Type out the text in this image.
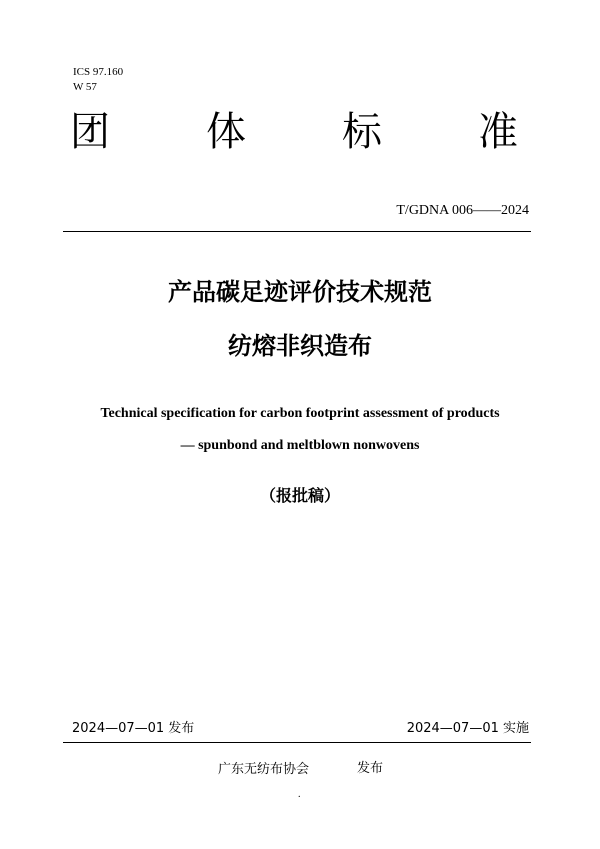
ICS 97.160
W 57
团 体 标 准
T/GDNA 006——2024
产品碳足迹评价技术规范
纺熔非织造布
Technical specification for carbon footprint assessment of products
— spunbond and meltblown nonwovens
（报批稿）
2024—07—01 发布	2024—07—01 实施
广东无纺布协会	发布
.
